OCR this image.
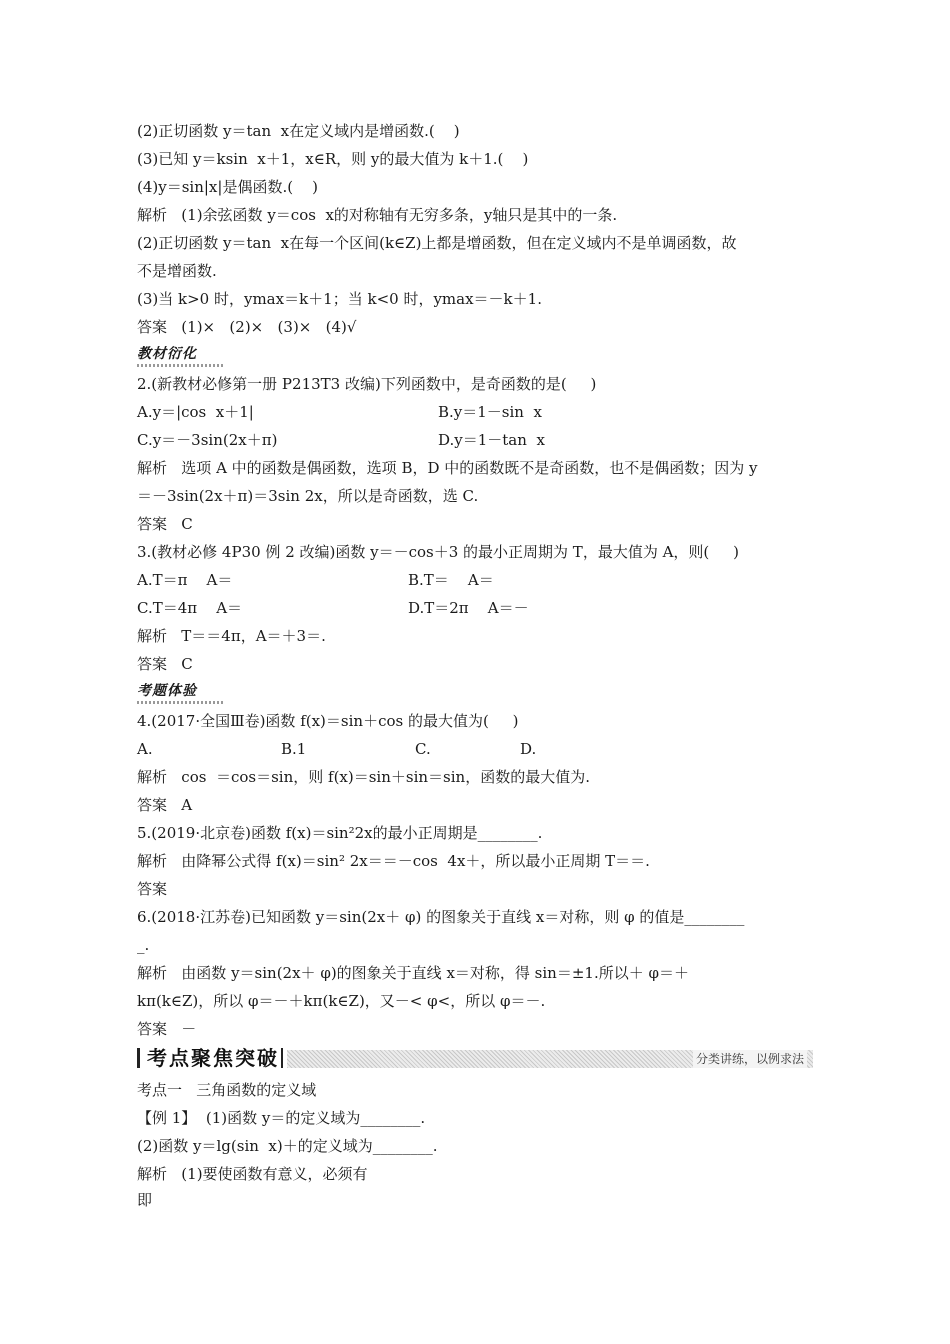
(2)正切函数 y＝tan  x在定义域内是增函数.(    )
(3)已知 y＝ksin  x＋1，x∈R，则 y的最大值为 k＋1.(    )
(4)y＝sin|x|是偶函数.(    )
解析   (1)余弦函数 y＝cos  x的对称轴有无穷多条，y轴只是其中的一条.
(2)正切函数 y＝tan  x在每一个区间(k∈Z)上都是增函数，但在定义域内不是单调函数，故
不是增函数.
(3)当 k>0 时，ymax＝k＋1；当 k<0 时，ymax＝－k＋1.
答案   (1)×   (2)×   (3)×   (4)√
教材衍化
2.(新教材必修第一册 P213T3 改编)下列函数中，是奇函数的是(     )
A.y＝|cos  x＋1|	B.y＝1－sin  x
C.y＝－3sin(2x＋π)	D.y＝1－tan  x
解析   选项 A 中的函数是偶函数，选项 B，D 中的函数既不是奇函数，也不是偶函数；因为 y
＝－3sin(2x＋π)＝3sin 2x，所以是奇函数，选 C.
答案   C
3.(教材必修 4P30 例 2 改编)函数 y＝－cos＋3 的最小正周期为 T，最大值为 A，则(     )
A.T＝π    A＝	B.T＝    A＝
C.T＝4π    A＝	D.T＝2π    A＝－
解析   T＝＝4π，A＝＋3＝.
答案   C
考题体验
4.(2017·全国Ⅲ卷)函数 f(x)＝sin＋cos 的最大值为(     )
A.	B.1	C.	D.
解析   cos  ＝cos＝sin，则 f(x)＝sin＋sin＝sin，函数的最大值为.
答案   A
5.(2019·北京卷)函数 f(x)＝sin²2x的最小正周期是________.
解析   由降幂公式得 f(x)＝sin² 2x＝＝－cos  4x＋，所以最小正周期 T＝＝.
答案
6.(2018·江苏卷)已知函数 y＝sin(2x＋ φ) 的图象关于直线 x＝对称，则 φ 的值是________
_.
解析   由函数 y＝sin(2x＋ φ)的图象关于直线 x＝对称，得 sin＝±1.所以＋ φ＝＋
kπ(k∈Z)，所以 φ＝－＋kπ(k∈Z)，又－< φ<，所以 φ＝－.
答案   －
考点聚焦突破	分类讲练，以例求法
考点一   三角函数的定义域
【例 1】  (1)函数 y＝的定义域为________.
(2)函数 y＝lg(sin  x)＋的定义域为________.
解析   (1)要使函数有意义，必须有
即
